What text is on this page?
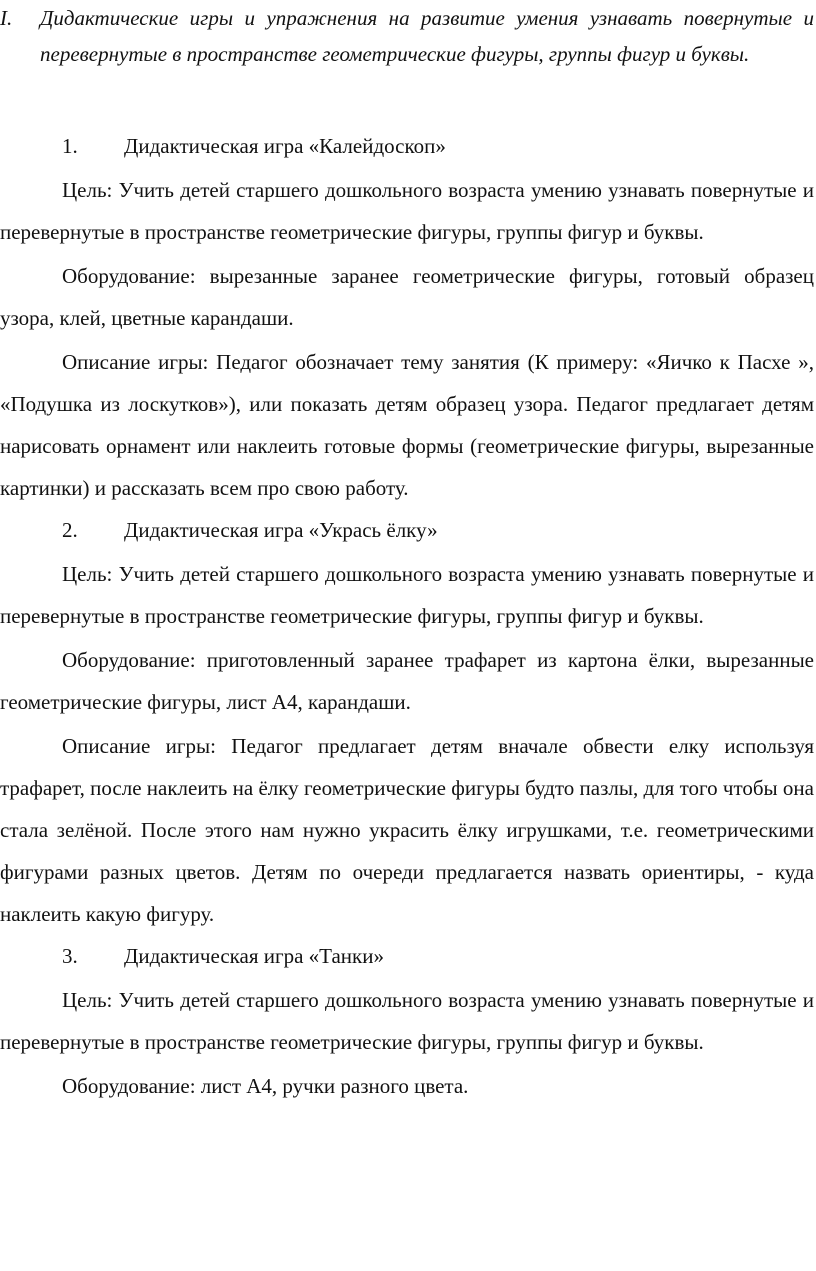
I. Дидактические игры и упражнения на развитие умения узнавать повернутые и перевернутые в пространстве геометрические фигуры, группы фигур и буквы.
1. Дидактическая игра «Калейдоскоп»

Цель: Учить детей старшего дошкольного возраста умению узнавать повернутые и перевернутые в пространстве геометрические фигуры, группы фигур и буквы.

Оборудование: вырезанные заранее геометрические фигуры, готовый образец узора, клей, цветные карандаши.

Описание игры: Педагог обозначает тему занятия (К примеру: «Яичко к Пасхе », «Подушка из лоскутков»), или показать детям образец узора. Педагог предлагает детям нарисовать орнамент или наклеить готовые формы (геометрические фигуры, вырезанные картинки) и рассказать всем про свою работу.

2. Дидактическая игра «Укрась ёлку»

Цель: Учить детей старшего дошкольного возраста умению узнавать повернутые и перевернутые в пространстве геометрические фигуры, группы фигур и буквы.

Оборудование: приготовленный заранее трафарет из картона ёлки, вырезанные геометрические фигуры, лист А4, карандаши.

Описание игры: Педагог предлагает детям вначале обвести елку используя трафарет, после наклеить на ёлку геометрические фигуры будто пазлы, для того чтобы она стала зелёной. После этого нам нужно украсить ёлку игрушками, т.е. геометрическими фигурами разных цветов. Детям по очереди предлагается назвать ориентиры, - куда наклеить какую фигуру.

3. Дидактическая игра «Танки»

Цель: Учить детей старшего дошкольного возраста умению узнавать повернутые и перевернутые в пространстве геометрические фигуры, группы фигур и буквы.

Оборудование: лист А4, ручки разного цвета.
